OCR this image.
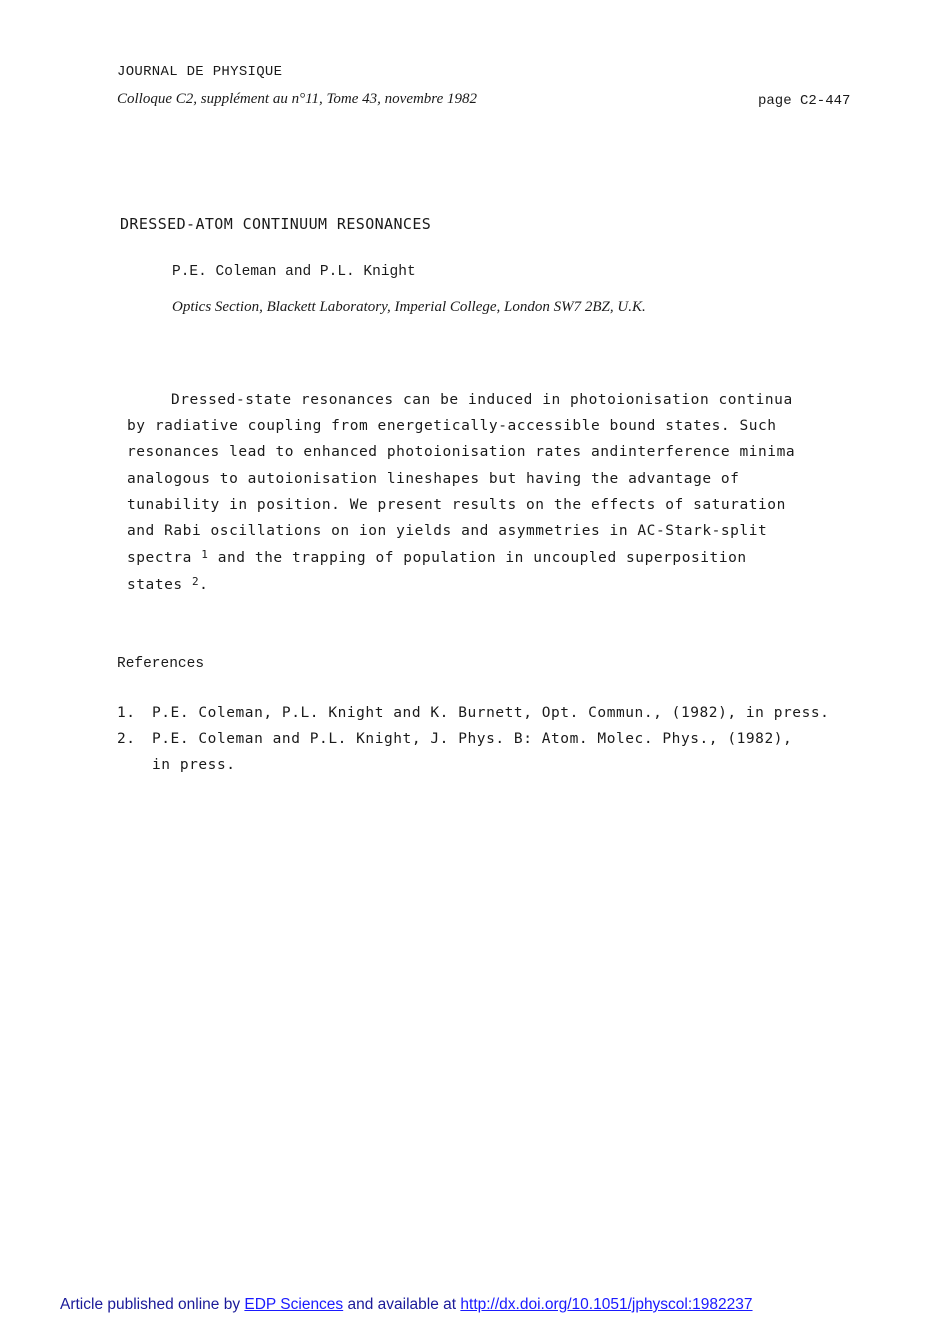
JOURNAL DE PHYSIQUE
Colloque C2, supplément au n°11, Tome 43, novembre 1982	page C2-447
DRESSED-ATOM CONTINUUM RESONANCES
P.E. Coleman and P.L. Knight
Optics Section, Blackett Laboratory, Imperial College, London SW7 2BZ, U.K.
Dressed-state resonances can be induced in photoionisation continua
by radiative coupling from energetically-accessible bound states. Such
resonances lead to enhanced photoionisation rates andinterference minima
analogous to autoionisation lineshapes but having the advantage of
tunability in position. We present results on the effects of saturation
and Rabi oscillations on ion yields and asymmetries in AC-Stark-split
spectra $^1$ and the trapping of population in uncoupled superposition
states $^2$.
References
1. P.E. Coleman, P.L. Knight and K. Burnett, Opt. Commun., (1982), in press.
2. P.E. Coleman and P.L. Knight, J. Phys. B: Atom. Molec. Phys., (1982),
in press.
Article published online by EDP Sciences and available at http://dx.doi.org/10.1051/jphyscol:1982237
